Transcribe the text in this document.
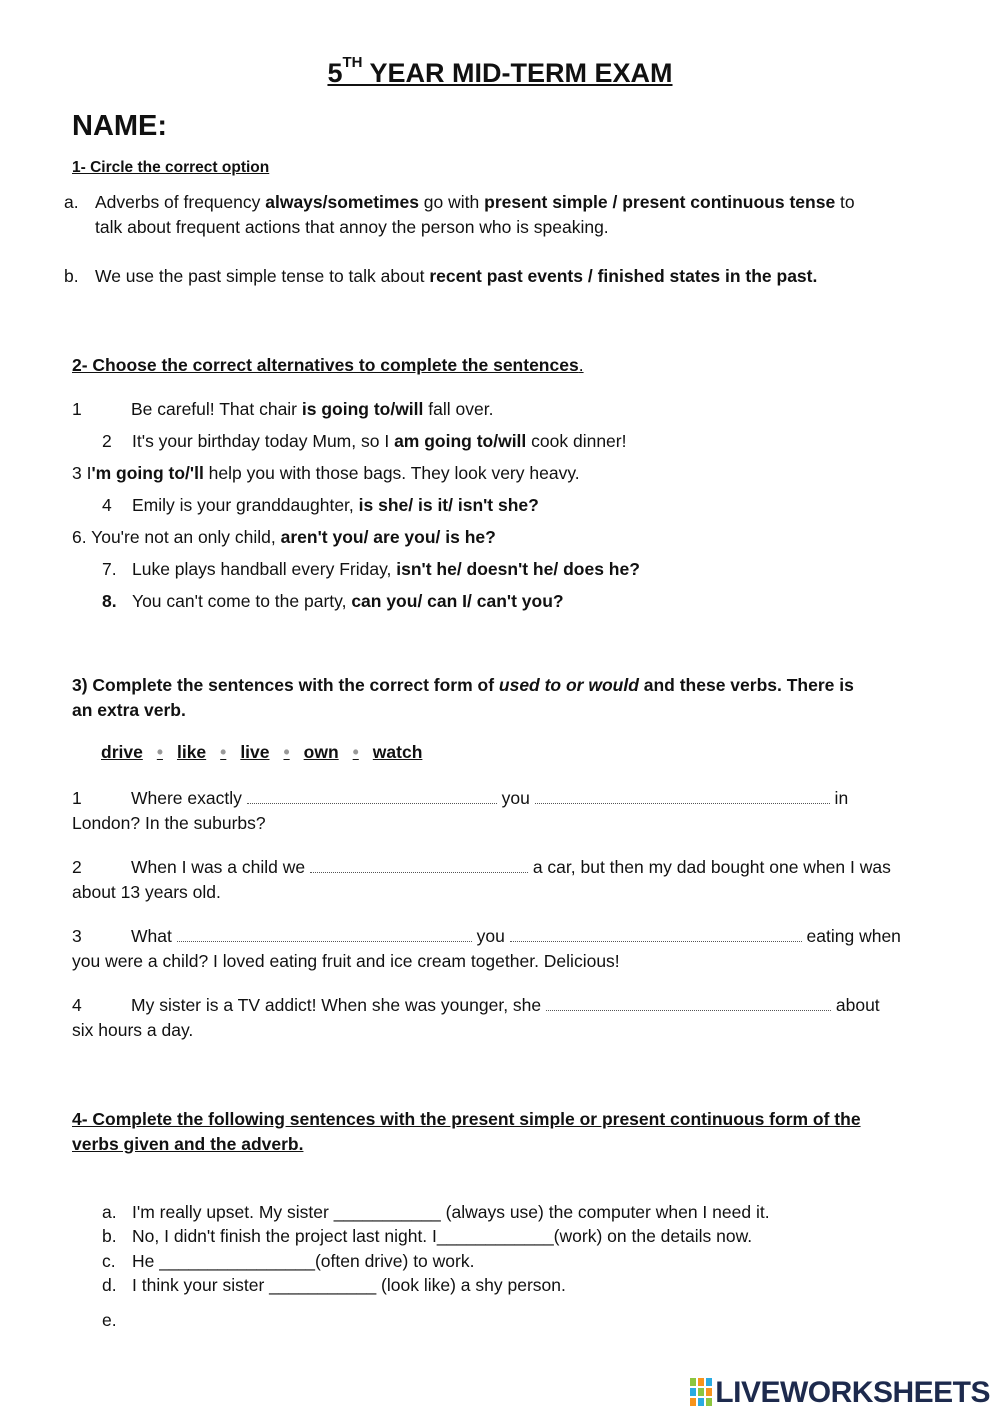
5TH YEAR MID-TERM EXAM
NAME:
1- Circle the correct option
a. Adverbs of frequency always/sometimes go with present simple / present continuous tense to
talk about frequent actions that annoy the person who is speaking.
b. We use the past simple tense to talk about recent past events / finished states in the past.
2- Choose the correct alternatives to complete the sentences.
1	Be careful! That chair is going to/will fall over.
2 It's your birthday today Mum, so I am going to/will cook dinner!
3 I'm going to/'ll help you with those bags. They look very heavy.
4 Emily is your granddaughter, is she/ is it/ isn't she?
6. You're not an only child, aren't you/ are you/ is he?
7. Luke plays handball every Friday, isn't he/ doesn't he/ does he?
8. You can't come to the party, can you/ can I/ can't you?
3) Complete the sentences with the correct form of used to or would and these verbs. There is
an extra verb.
drive • like • live • own • watch
1	Where exactly	you	in
London? In the suburbs?
2	When I was a child we	a car, but then my dad bought one when I was
about 13 years old.
3	What	you	eating when
you were a child? I loved eating fruit and ice cream together. Delicious!
4	My sister is a TV addict! When she was younger, she	about
six hours a day.
4- Complete the following sentences with the present simple or present continuous form of the
verbs given and the adverb.
a. I'm really upset. My sister ___________ (always use) the computer when I need it.
b. No, I didn't finish the project last night. I____________(work) on the details now.
c. He ________________(often drive) to work.
d. I think your sister ___________ (look like) a shy person.
e.
LIVEWORKSHEETS
